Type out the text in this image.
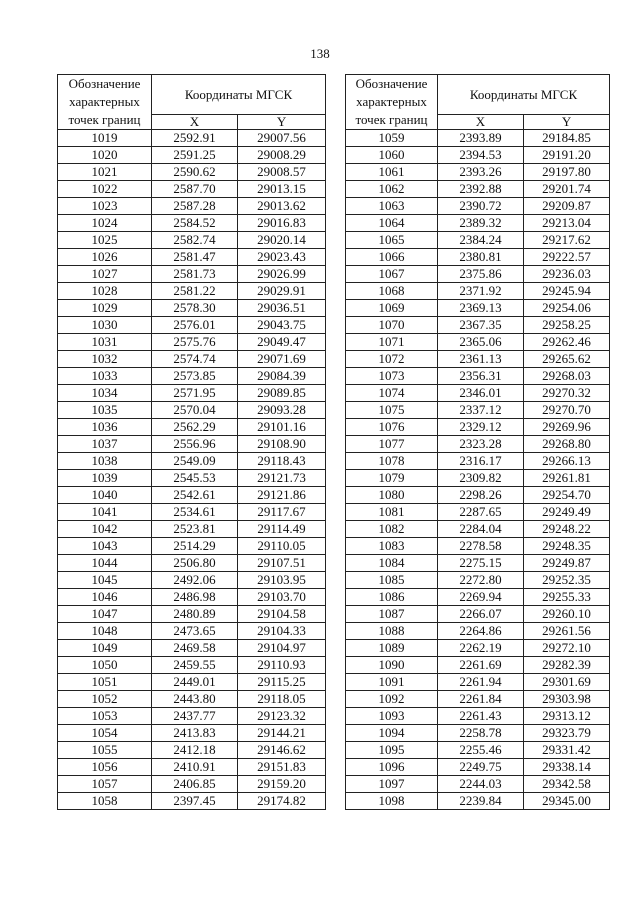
138
Обозначение характерных точек границ	Координаты МГСК	
	X	Y
1019	2592.91	29007.56
1020	2591.25	29008.29
1021	2590.62	29008.57
1022	2587.70	29013.15
1023	2587.28	29013.62
1024	2584.52	29016.83
1025	2582.74	29020.14
1026	2581.47	29023.43
1027	2581.73	29026.99
1028	2581.22	29029.91
1029	2578.30	29036.51
1030	2576.01	29043.75
1031	2575.76	29049.47
1032	2574.74	29071.69
1033	2573.85	29084.39
1034	2571.95	29089.85
1035	2570.04	29093.28
1036	2562.29	29101.16
1037	2556.96	29108.90
1038	2549.09	29118.43
1039	2545.53	29121.73
1040	2542.61	29121.86
1041	2534.61	29117.67
1042	2523.81	29114.49
1043	2514.29	29110.05
1044	2506.80	29107.51
1045	2492.06	29103.95
1046	2486.98	29103.70
1047	2480.89	29104.58
1048	2473.65	29104.33
1049	2469.58	29104.97
1050	2459.55	29110.93
1051	2449.01	29115.25
1052	2443.80	29118.05
1053	2437.77	29123.32
1054	2413.83	29144.21
1055	2412.18	29146.62
1056	2410.91	29151.83
1057	2406.85	29159.20
1058	2397.45	29174.82
Обозначение характерных точек границ	Координаты МГСК	
	X	Y
1059	2393.89	29184.85
1060	2394.53	29191.20
1061	2393.26	29197.80
1062	2392.88	29201.74
1063	2390.72	29209.87
1064	2389.32	29213.04
1065	2384.24	29217.62
1066	2380.81	29222.57
1067	2375.86	29236.03
1068	2371.92	29245.94
1069	2369.13	29254.06
1070	2367.35	29258.25
1071	2365.06	29262.46
1072	2361.13	29265.62
1073	2356.31	29268.03
1074	2346.01	29270.32
1075	2337.12	29270.70
1076	2329.12	29269.96
1077	2323.28	29268.80
1078	2316.17	29266.13
1079	2309.82	29261.81
1080	2298.26	29254.70
1081	2287.65	29249.49
1082	2284.04	29248.22
1083	2278.58	29248.35
1084	2275.15	29249.87
1085	2272.80	29252.35
1086	2269.94	29255.33
1087	2266.07	29260.10
1088	2264.86	29261.56
1089	2262.19	29272.10
1090	2261.69	29282.39
1091	2261.94	29301.69
1092	2261.84	29303.98
1093	2261.43	29313.12
1094	2258.78	29323.79
1095	2255.46	29331.42
1096	2249.75	29338.14
1097	2244.03	29342.58
1098	2239.84	29345.00
